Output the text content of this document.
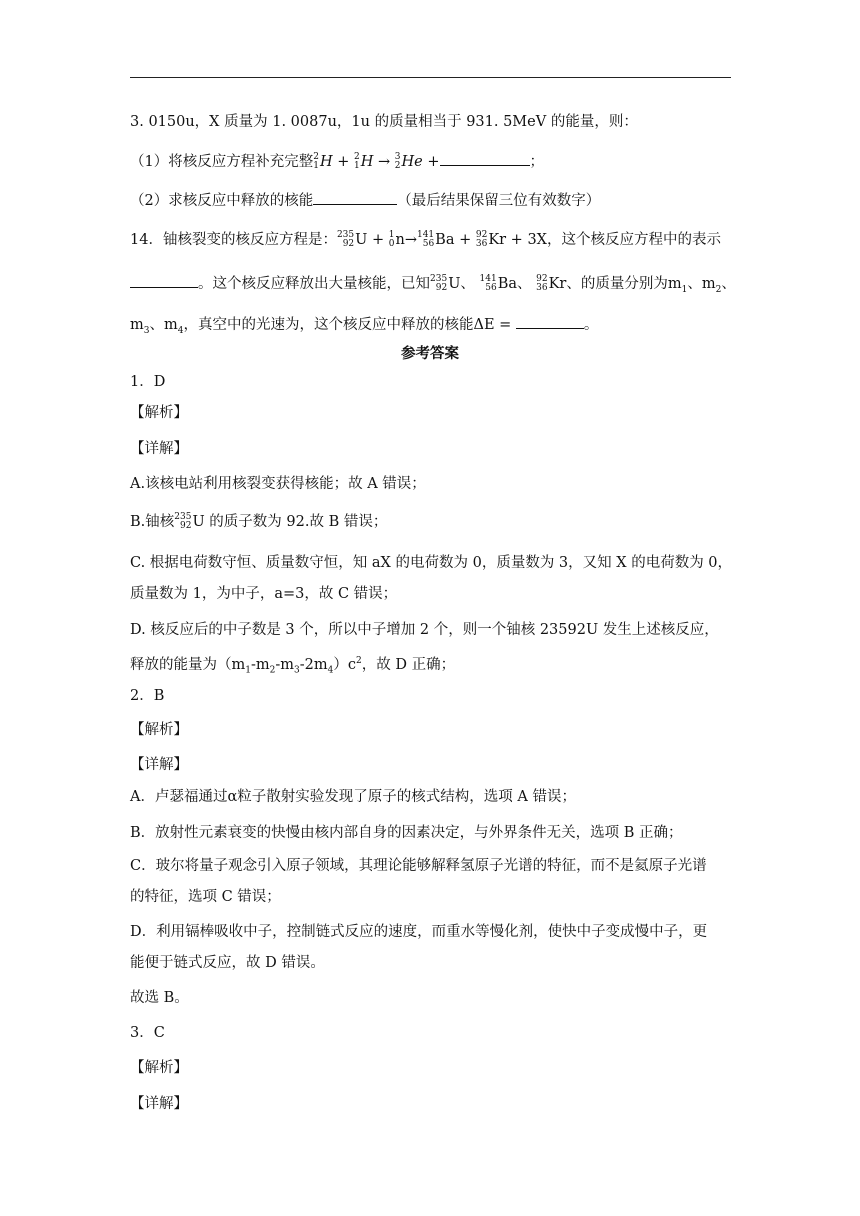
3. 0150u，X 质量为 1. 0087u，1u 的质量相当于 931. 5MeV 的能量，则：
（1）将核反应方程补充完整 2
1 H + 2
1 H → 3
2 He +	；
（2）求核反应中释放的核能	（最后结果保留三位有效数字）
14．铀核裂变的核反应方程是： 235
92 U + 1
0 n→ 141
56 Ba + 92
36 Kr + 3X，这个核反应方程中的表示
。这个核反应释放出大量核能，已知 235
92 U、 141
56 Ba、 92
36 Kr、的质量分别为$m_1$、$m_2$、
$m_3$、$m_4$，真空中的光速为，这个核反应中释放的核能ΔE =	。
参考答案
1．D
【解析】
【详解】
A.该核电站利用核裂变获得核能；故 A 错误；
B.铀核 235
92 U 的质子数为 92.故 B 错误；
C. 根据电荷数守恒、质量数守恒，知 aX 的电荷数为 0，质量数为 3，又知 X 的电荷数为 0，
质量数为 1，为中子，a=3，故 C 错误；
D. 核反应后的中子数是 3 个，所以中子增加 2 个，则一个铀核 23592U 发生上述核反应，
释放的能量为$(m_1-m_2-m_3-2m_4)c^2$，故 D 正确；
2．B
【解析】
【详解】
A．卢瑟福通过α粒子散射实验发现了原子的核式结构，选项 A 错误；
B．放射性元素衰变的快慢由核内部自身的因素决定，与外界条件无关，选项 B 正确；
C．玻尔将量子观念引入原子领域，其理论能够解释氢原子光谱的特征，而不是氦原子光谱
的特征，选项 C 错误；
D．利用镉棒吸收中子，控制链式反应的速度，而重水等慢化剂，使快中子变成慢中子，更
能便于链式反应，故 D 错误。
故选 B。
3．C
【解析】
【详解】
